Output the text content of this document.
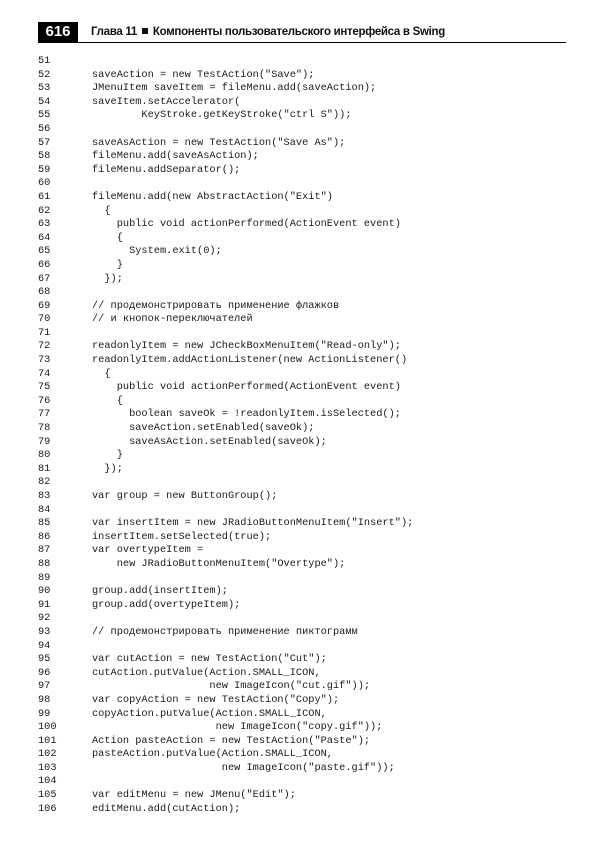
616	Глава 11 Компоненты пользовательского интерфейса в Swing
51
52	saveAction = new TestAction("Save");
53	JMenuItem saveItem = fileMenu.add(saveAction);
54	saveItem.setAccelerator(
55	KeyStroke.getKeyStroke("ctrl S"));
56
57	saveAsAction = new TestAction("Save As");
58	fileMenu.add(saveAsAction);
59	fileMenu.addSeparator();
60
61	fileMenu.add(new AbstractAction("Exit")
62	{
63	public void actionPerformed(ActionEvent event)
64	{
65	System.exit(0);
66	}
67	});
68
69	// продемонстрировать применение флажков
70	// и кнопок-переключателей
71
72	readonlyItem = new JCheckBoxMenuItem("Read-only");
73	readonlyItem.addActionListener(new ActionListener()
74	{
75	public void actionPerformed(ActionEvent event)
76	{
77	boolean saveOk = !readonlyItem.isSelected();
78	saveAction.setEnabled(saveOk);
79	saveAsAction.setEnabled(saveOk);
80	}
81	});
82
83	var group = new ButtonGroup();
84
85	var insertItem = new JRadioButtonMenuItem("Insert");
86	insertItem.setSelected(true);
87	var overtypeItem =
88	new JRadioButtonMenuItem("Overtype");
89
90	group.add(insertItem);
91	group.add(overtypeItem);
92
93	// продемонстрировать применение пиктограмм
94
95	var cutAction = new TestAction("Cut");
96	cutAction.putValue(Action.SMALL_ICON,
97	new ImageIcon("cut.gif"));
98	var copyAction = new TestAction("Copy");
99	copyAction.putValue(Action.SMALL_ICON,
100	new ImageIcon("copy.gif"));
101	Action pasteAction = new TestAction("Paste");
102	pasteAction.putValue(Action.SMALL_ICON,
103	new ImageIcon("paste.gif"));
104
105	var editMenu = new JMenu("Edit");
106	editMenu.add(cutAction);
